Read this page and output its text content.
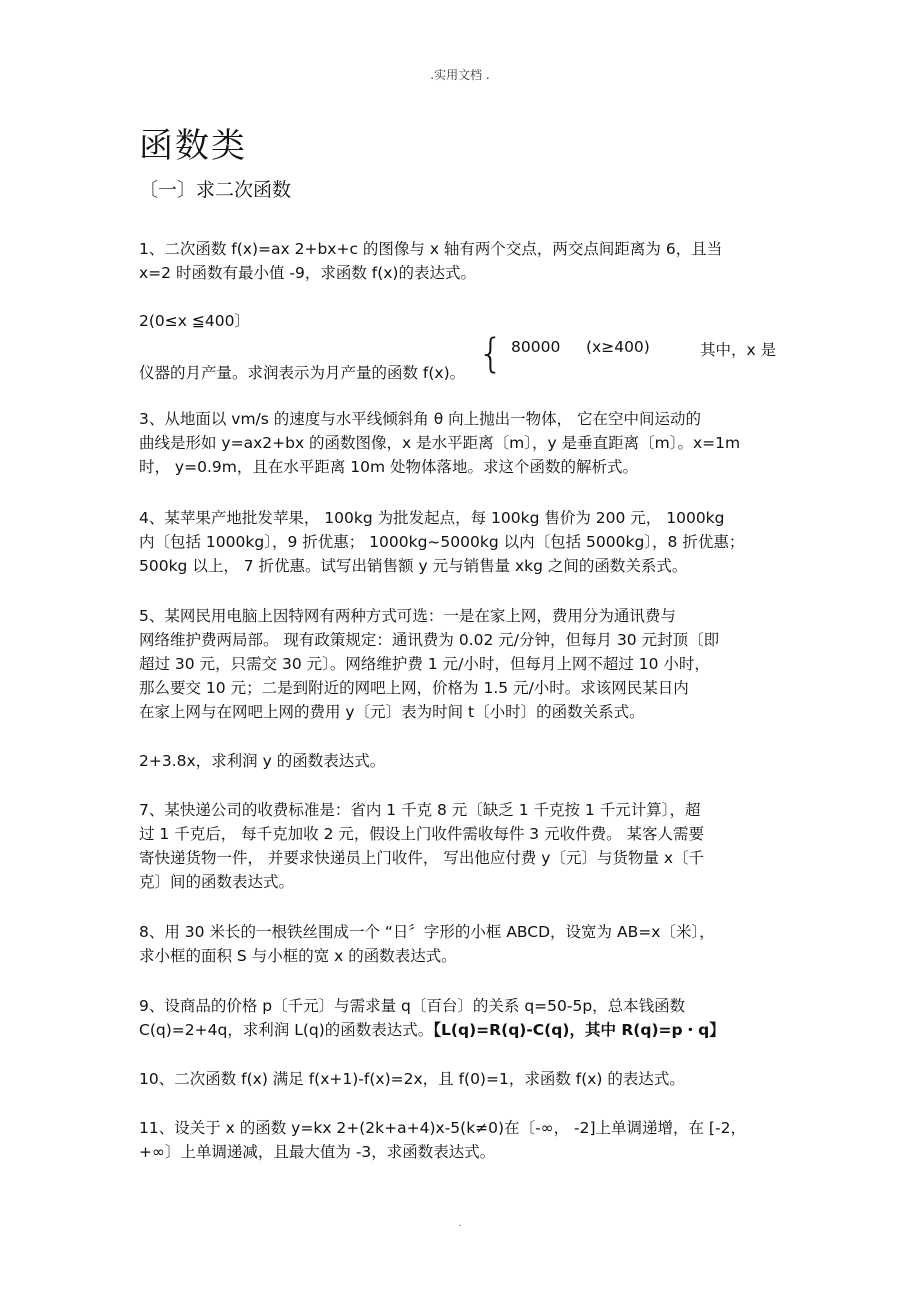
.实用文档 .
函数类
〔一〕求二次函数
1、二次函数 f(x)=ax 2+bx+c 的图像与 x 轴有两个交点，两交点间距离为 6，且当
x=2 时函数有最小值 -9，求函数 f(x)的表达式。
2(0≤x ≦400〕
{ 80000 (x≥400)	其中，x 是
仪器的月产量。求润表示为月产量的函数 f(x)。
3、从地面以 vm/s 的速度与水平线倾斜角 θ 向上抛出一物体， 它在空中间运动的
曲线是形如 y=ax2+bx 的函数图像，x 是水平距离〔m〕，y 是垂直距离〔m〕。x=1m
时， y=0.9m，且在水平距离 10m 处物体落地。求这个函数的解析式。
4、某苹果产地批发苹果， 100kg 为批发起点，每 100kg 售价为 200 元， 1000kg
内〔包括 1000kg〕，9 折优惠； 1000kg~5000kg 以内〔包括 5000kg〕，8 折优惠；
500kg 以上， 7 折优惠。试写出销售额 y 元与销售量 xkg 之间的函数关系式。
5、某网民用电脑上因特网有两种方式可选：一是在家上网，费用分为通讯费与
网络维护费两局部。 现有政策规定：通讯费为 0.02 元/分钟，但每月 30 元封顶〔即
超过 30 元，只需交 30 元〕。网络维护费 1 元/小时，但每月上网不超过 10 小时，
那么要交 10 元；二是到附近的网吧上网，价格为 1.5 元/小时。求该网民某日内
在家上网与在网吧上网的费用 y〔元〕表为时间 t〔小时〕的函数关系式。
2+3.8x，求利润 y 的函数表达式。
7、某快递公司的收费标准是：省内 1 千克 8 元〔缺乏 1 千克按 1 千元计算〕，超
过 1 千克后， 每千克加收 2 元，假设上门收件需收每件 3 元收件费。 某客人需要
寄快递货物一件， 并要求快递员上门收件， 写出他应付费 y〔元〕与货物量 x〔千
克〕间的函数表达式。
8、用 30 米长的一根铁丝围成一个 “日〞字形的小框 ABCD，设宽为 AB=x〔米〕，
求小框的面积 S 与小框的宽 x 的函数表达式。
9、设商品的价格 p〔千元〕与需求量 q〔百台〕的关系 q=50-5p，总本钱函数
C(q)=2+4q，求利润 L(q)的函数表达式。【L(q)=R(q)-C(q)，其中 R(q)=p・q】
10、二次函数 f(x) 满足 f(x+1)-f(x)=2x，且 f(0)=1，求函数 f(x) 的表达式。
11、设关于 x 的函数 y=kx 2+(2k+a+4)x-5(k≠0)在〔-∞， -2]上单调递增，在 [-2，
+∞〕上单调递减，且最大值为 -3，求函数表达式。
.
